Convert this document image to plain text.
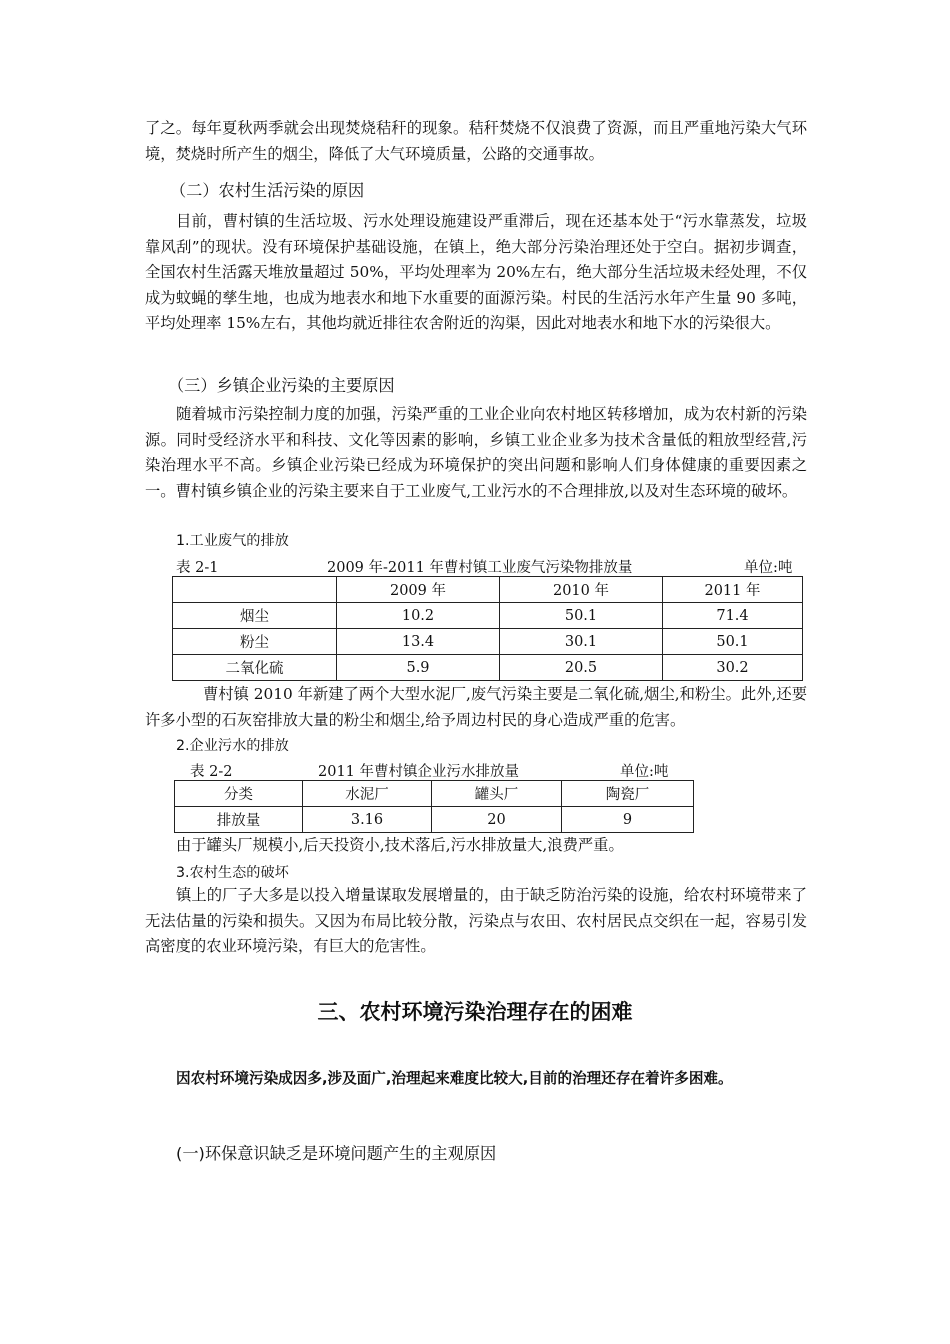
了之。每年夏秋两季就会出现焚烧秸秆的现象。秸秆焚烧不仅浪费了资源，而且严重地污染大气环境，焚烧时所产生的烟尘，降低了大气环境质量，公路的交通事故。

（二）农村生活污染的原因

目前，曹村镇的生活垃圾、污水处理设施建设严重滞后，现在还基本处于“污水靠蒸发，垃圾靠风刮”的现状。没有环境保护基础设施，在镇上，绝大部分污染治理还处于空白。据初步调查，全国农村生活露天堆放量超过 50%，平均处理率为 20%左右，绝大部分生活垃圾未经处理，不仅成为蚊蝇的孳生地，也成为地表水和地下水重要的面源污染。村民的生活污水年产生量 90 多吨，平均处理率 15%左右，其他均就近排往农舍附近的沟渠，因此对地表水和地下水的污染很大。

（三）乡镇企业污染的主要原因

随着城市污染控制力度的加强，污染严重的工业企业向农村地区转移增加，成为农村新的污染源。同时受经济水平和科技、文化等因素的影响，乡镇工业企业多为技术含量低的粗放型经营,污染治理水平不高。乡镇企业污染已经成为环境保护的突出问题和影响人们身体健康的重要因素之一。曹村镇乡镇企业的污染主要来自于工业废气,工业污水的不合理排放,以及对生态环境的破坏。

1.工业废气的排放
表 2-1	2009 年-2011 年曹村镇工业废气污染物排放量	单位:吨
	2009 年	2010 年	2011 年
烟尘	10.2	50.1	71.4
粉尘	13.4	30.1	50.1
二氧化硫	5.9	20.5	30.2

曹村镇 2010 年新建了两个大型水泥厂,废气污染主要是二氧化硫,烟尘,和粉尘。此外,还要许多小型的石灰窑排放大量的粉尘和烟尘,给予周边村民的身心造成严重的危害。

2.企业污水的排放
表 2-2	2011 年曹村镇企业污水排放量	单位:吨
分类	水泥厂	罐头厂	陶瓷厂
排放量	3.16	20	9

由于罐头厂规模小,后天投资小,技术落后,污水排放量大,浪费严重。

3.农村生态的破坏

镇上的厂子大多是以投入增量谋取发展增量的，由于缺乏防治污染的设施，给农村环境带来了无法估量的污染和损失。又因为布局比较分散，污染点与农田、农村居民点交织在一起，容易引发高密度的农业环境污染，有巨大的危害性。

三、农村环境污染治理存在的困难

因农村环境污染成因多,涉及面广,治理起来难度比较大,目前的治理还存在着许多困难。

(一)环保意识缺乏是环境问题产生的主观原因
